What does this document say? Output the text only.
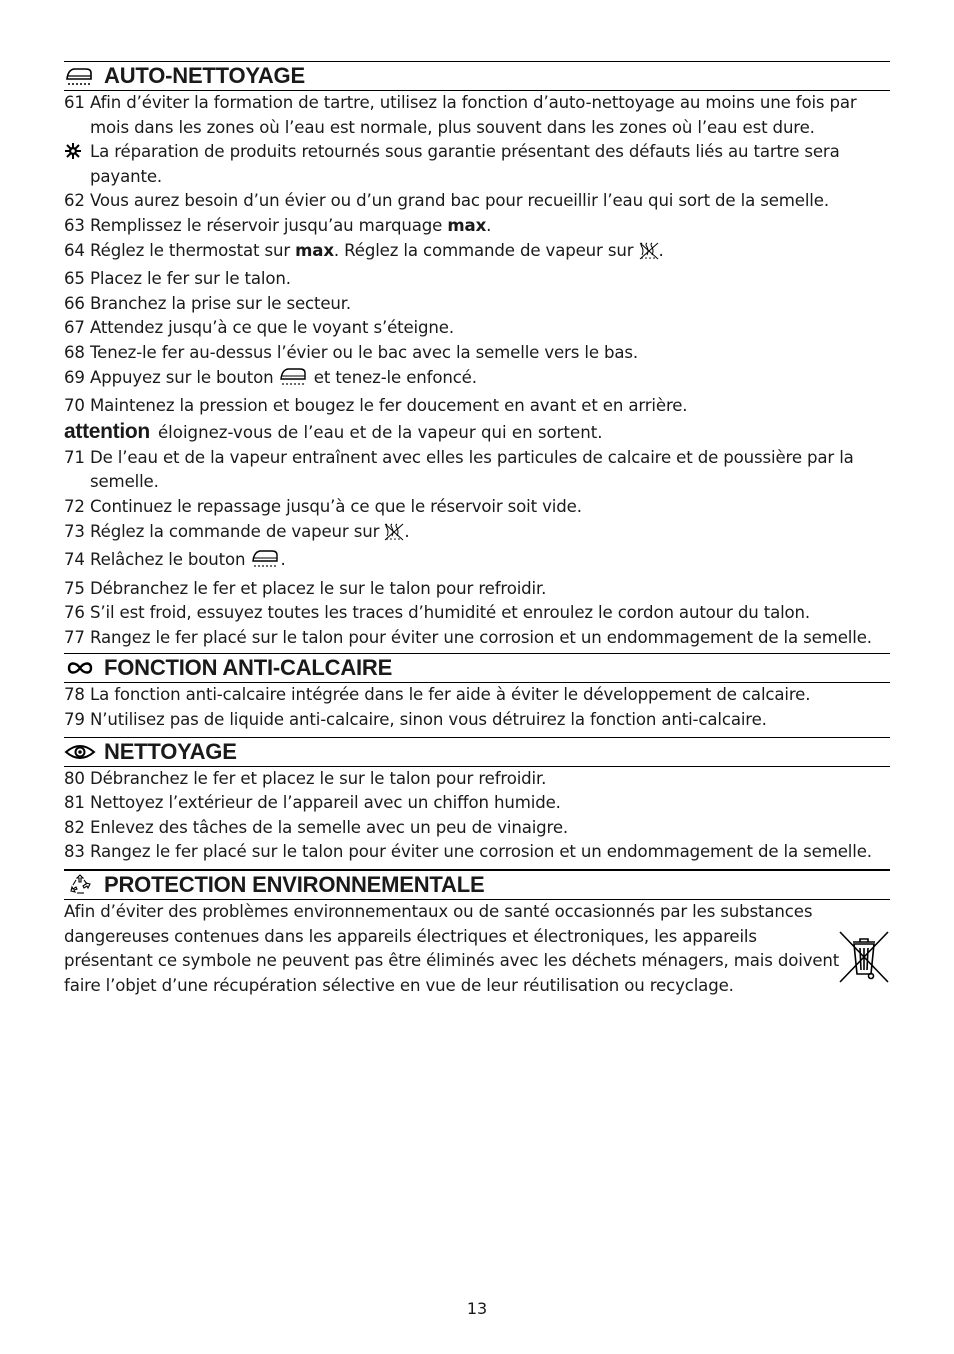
AUTO-NETTOYAGE
61 Afin d’éviter la formation de tartre, utilisez la fonction d’auto-nettoyage au moins une fois par mois dans les zones où l’eau est normale, plus souvent dans les zones où l’eau est dure.
La réparation de produits retournés sous garantie présentant des défauts liés au tartre sera payante.
62 Vous aurez besoin d’un évier ou d’un grand bac pour recueillir l’eau qui sort de la semelle.
63 Remplissez le réservoir jusqu’au marquage max.
64 Réglez le thermostat sur max. Réglez la commande de vapeur sur .
65 Placez le fer sur le talon.
66 Branchez la prise sur le secteur.
67 Attendez jusqu’à ce que le voyant s’éteigne.
68 Tenez-le fer au-dessus l’évier ou le bac avec la semelle vers le bas.
69 Appuyez sur le bouton  et tenez-le enfoncé.
70 Maintenez la pression et bougez le fer doucement en avant et en arrière.
attention éloignez-vous de l’eau et de la vapeur qui en sortent.
71 De l’eau et de la vapeur entraînent avec elles les particules de calcaire et de poussière par la semelle.
72 Continuez le repassage jusqu’à ce que le réservoir soit vide.
73 Réglez la commande de vapeur sur .
74 Relâchez le bouton .
75 Débranchez le fer et placez le sur le talon pour refroidir.
76 S’il est froid, essuyez toutes les traces d’humidité et enroulez le cordon autour du talon.
77 Rangez le fer placé sur le talon pour éviter une corrosion et un endommagement de la semelle.
FONCTION ANTI-CALCAIRE
78 La fonction anti-calcaire intégrée dans le fer aide à éviter le développement de calcaire.
79 N’utilisez pas de liquide anti-calcaire, sinon vous détruirez la fonction anti-calcaire.
NETTOYAGE
80 Débranchez le fer et placez le sur le talon pour refroidir.
81 Nettoyez l’extérieur de l’appareil avec un chiffon humide.
82 Enlevez des tâches de la semelle avec un peu de vinaigre.
83 Rangez le fer placé sur le talon pour éviter une corrosion et un endommagement de la semelle.
PROTECTION ENVIRONNEMENTALE
Afin d’éviter des problèmes environnementaux ou de santé occasionnés par les substances dangereuses contenues dans les appareils électriques et électroniques, les appareils présentant ce symbole ne peuvent pas être éliminés avec les déchets ménagers, mais doivent faire l’objet d’une récupération sélective en vue de leur réutilisation ou recyclage.
13
